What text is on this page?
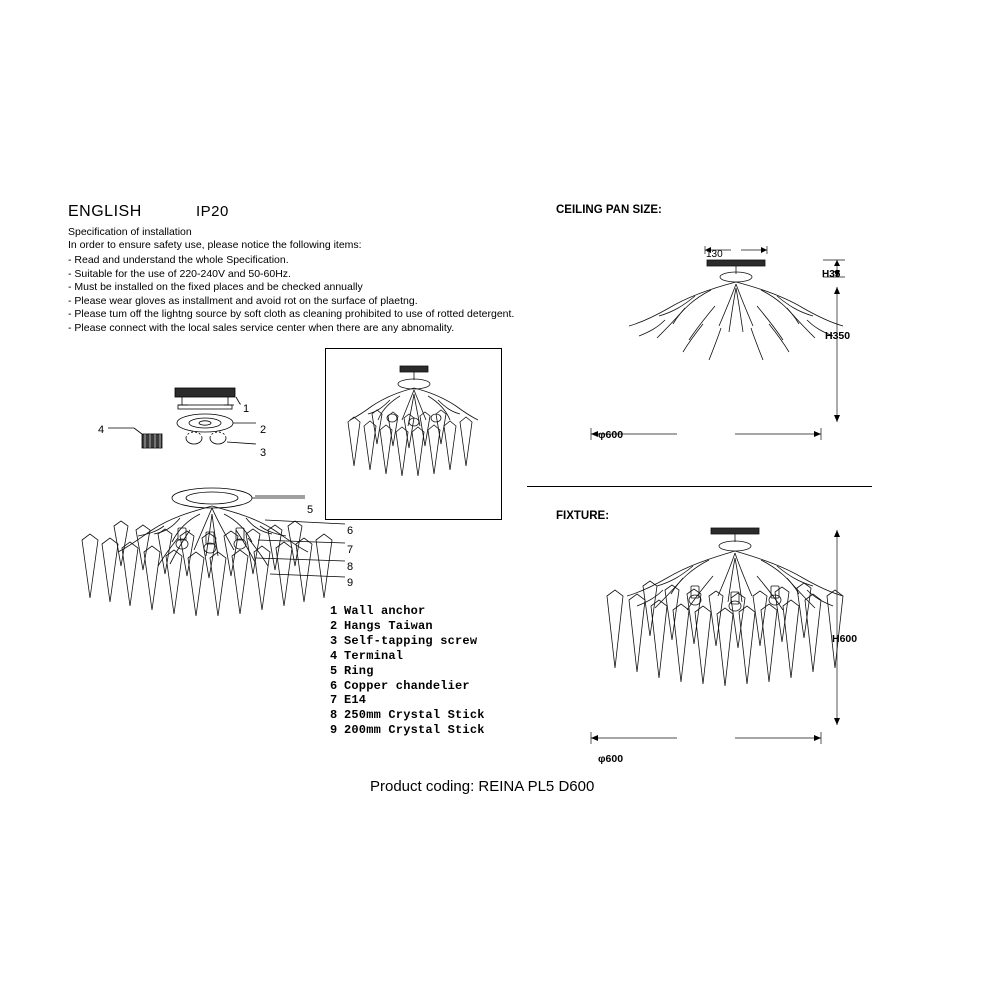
ENGLISH	IP20
Specification of installation
In order to ensure safety use, please notice the following items:
- Read and understand the whole Specification.
- Suitable for the use of 220-240V and 50-60Hz.
- Must be installed on the fixed places and be checked annually
- Please wear gloves as installment and avoid rot on the surface of plaetng.
- Please tum off the lightng source by soft cloth as cleaning prohibited to use of rotted detergent.
- Please connect with the local sales service center when there are any abnomality.
CEILING PAN SIZE:
FIXTURE:
130
H35
H350
φ600
H600
φ600
1
2
3
4
5
6
7
8
9
1 Wall anchor
2 Hangs Taiwan
3 Self-tapping screw
4 Terminal
5 Ring
6 Copper chandelier
7 E14
8 250mm Crystal Stick
9 200mm Crystal Stick
Product coding: REINA PL5 D600
